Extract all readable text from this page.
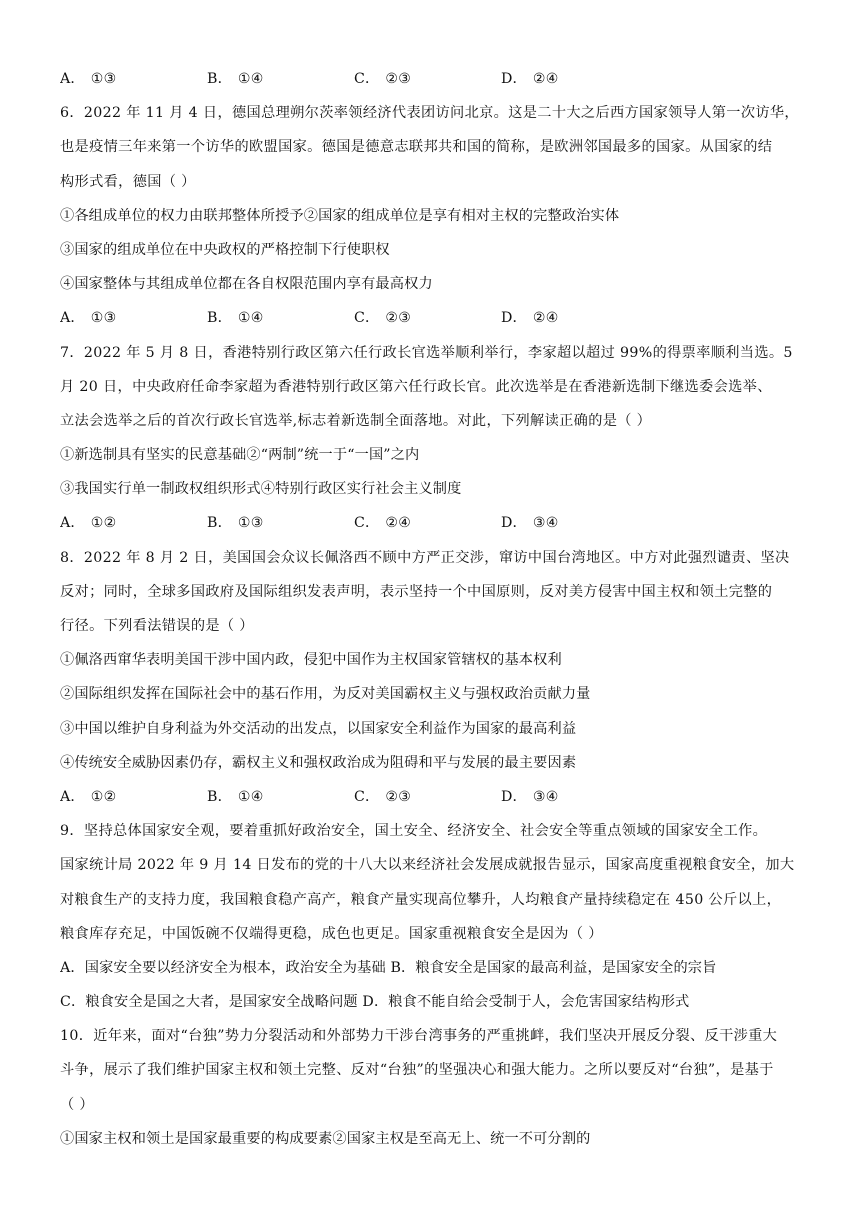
A． ①③	B． ①④	C． ②③	D． ②④
6．2022 年 11 月 4 日，德国总理朔尔茨率领经济代表团访问北京。这是二十大之后西方国家领导人第一次访华，
也是疫情三年来第一个访华的欧盟国家。德国是德意志联邦共和国的简称，是欧洲邻国最多的国家。从国家的结
构形式看，德国（ ）
①各组成单位的权力由联邦整体所授予②国家的组成单位是享有相对主权的完整政治实体
③国家的组成单位在中央政权的严格控制下行使职权
④国家整体与其组成单位都在各自权限范围内享有最高权力
A． ①③	B． ①④	C． ②③	D． ②④
7．2022 年 5 月 8 日，香港特别行政区第六任行政长官选举顺利举行，李家超以超过 99%的得票率顺利当选。5
月 20 日，中央政府任命李家超为香港特别行政区第六任行政长官。此次选举是在香港新选制下继选委会选举、
立法会选举之后的首次行政长官选举,标志着新选制全面落地。对此，下列解读正确的是（ ）
①新选制具有坚实的民意基础②“两制”统一于“一国”之内
③我国实行单一制政权组织形式④特别行政区实行社会主义制度
A． ①②	B． ①③	C． ②④	D． ③④
8．2022 年 8 月 2 日，美国国会众议长佩洛西不顾中方严正交涉，窜访中国台湾地区。中方对此强烈谴责、坚决
反对；同时，全球多国政府及国际组织发表声明，表示坚持一个中国原则，反对美方侵害中国主权和领土完整的
行径。下列看法错误的是（ ）
①佩洛西窜华表明美国干涉中国内政，侵犯中国作为主权国家管辖权的基本权利
②国际组织发挥在国际社会中的基石作用，为反对美国霸权主义与强权政治贡献力量
③中国以维护自身利益为外交活动的出发点，以国家安全利益作为国家的最高利益
④传统安全威胁因素仍存，霸权主义和强权政治成为阻碍和平与发展的最主要因素
A． ①②	B． ①④	C． ②③	D． ③④
9．坚持总体国家安全观，要着重抓好政治安全，国土安全、经济安全、社会安全等重点领域的国家安全工作。
国家统计局 2022 年 9 月 14 日发布的党的十八大以来经济社会发展成就报告显示，国家高度重视粮食安全，加大
对粮食生产的支持力度，我国粮食稳产高产，粮食产量实现高位攀升，人均粮食产量持续稳定在 450 公斤以上，
粮食库存充足，中国饭碗不仅端得更稳，成色也更足。国家重视粮食安全是因为（ ）
A．国家安全要以经济安全为根本，政治安全为基础 B．粮食安全是国家的最高利益，是国家安全的宗旨
C．粮食安全是国之大者，是国家安全战略问题 D．粮食不能自给会受制于人，会危害国家结构形式
10．近年来，面对“台独”势力分裂活动和外部势力干涉台湾事务的严重挑衅，我们坚决开展反分裂、反干涉重大
斗争，展示了我们维护国家主权和领土完整、反对“台独”的坚强决心和强大能力。之所以要反对“台独”，是基于
（ ）
①国家主权和领土是国家最重要的构成要素②国家主权是至高无上、统一不可分割的
